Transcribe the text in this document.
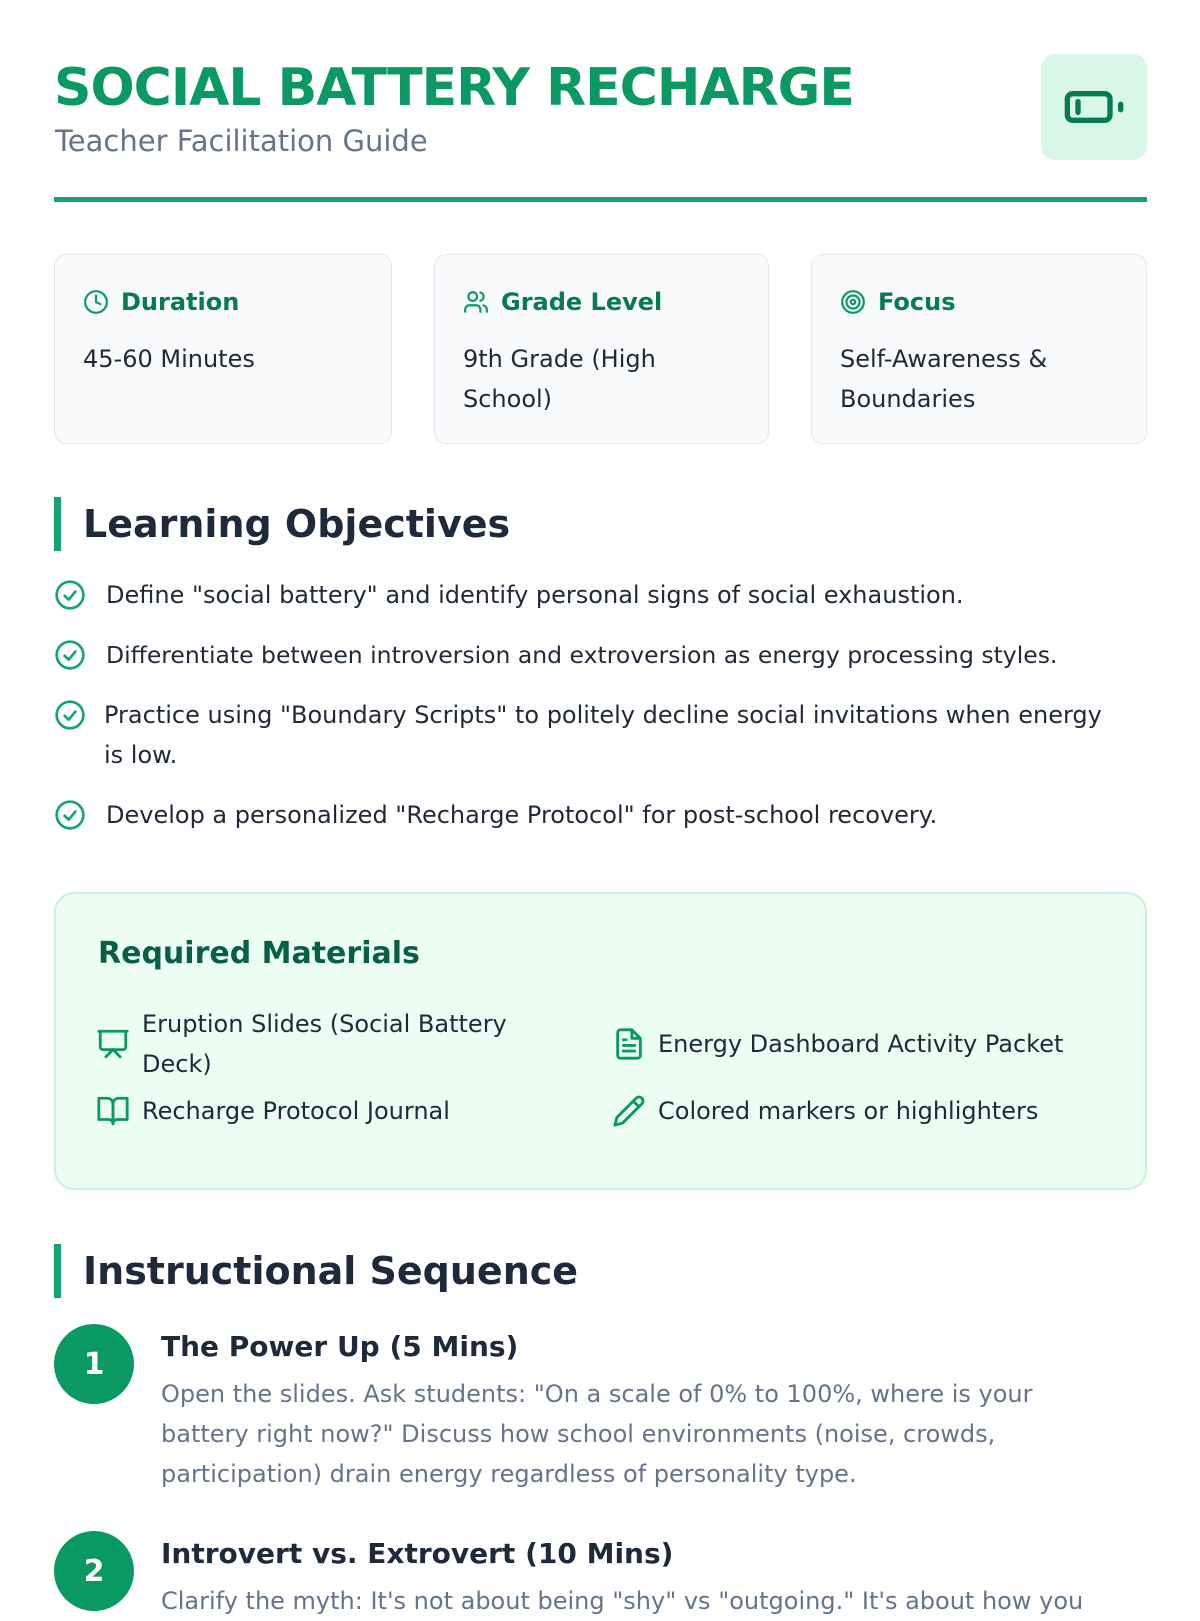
SOCIAL BATTERY RECHARGE
Teacher Facilitation Guide
Duration
45-60 Minutes
Grade Level
9th Grade (High School)
Focus
Self-Awareness & Boundaries
Learning Objectives
Define "social battery" and identify personal signs of social exhaustion.
Differentiate between introversion and extroversion as energy processing styles.
Practice using "Boundary Scripts" to politely decline social invitations when energy is low.
Develop a personalized "Recharge Protocol" for post-school recovery.
Required Materials
Eruption Slides (Social Battery Deck)
Energy Dashboard Activity Packet
Recharge Protocol Journal	Colored markers or highlighters
Instructional Sequence
1	The Power Up (5 Mins)
Open the slides. Ask students: "On a scale of 0% to 100%, where is your battery right now?" Discuss how school environments (noise, crowds, participation) drain energy regardless of personality type.
2	Introvert vs. Extrovert (10 Mins)
Clarify the myth: It's not about being "shy" vs "outgoing." It's about how you
